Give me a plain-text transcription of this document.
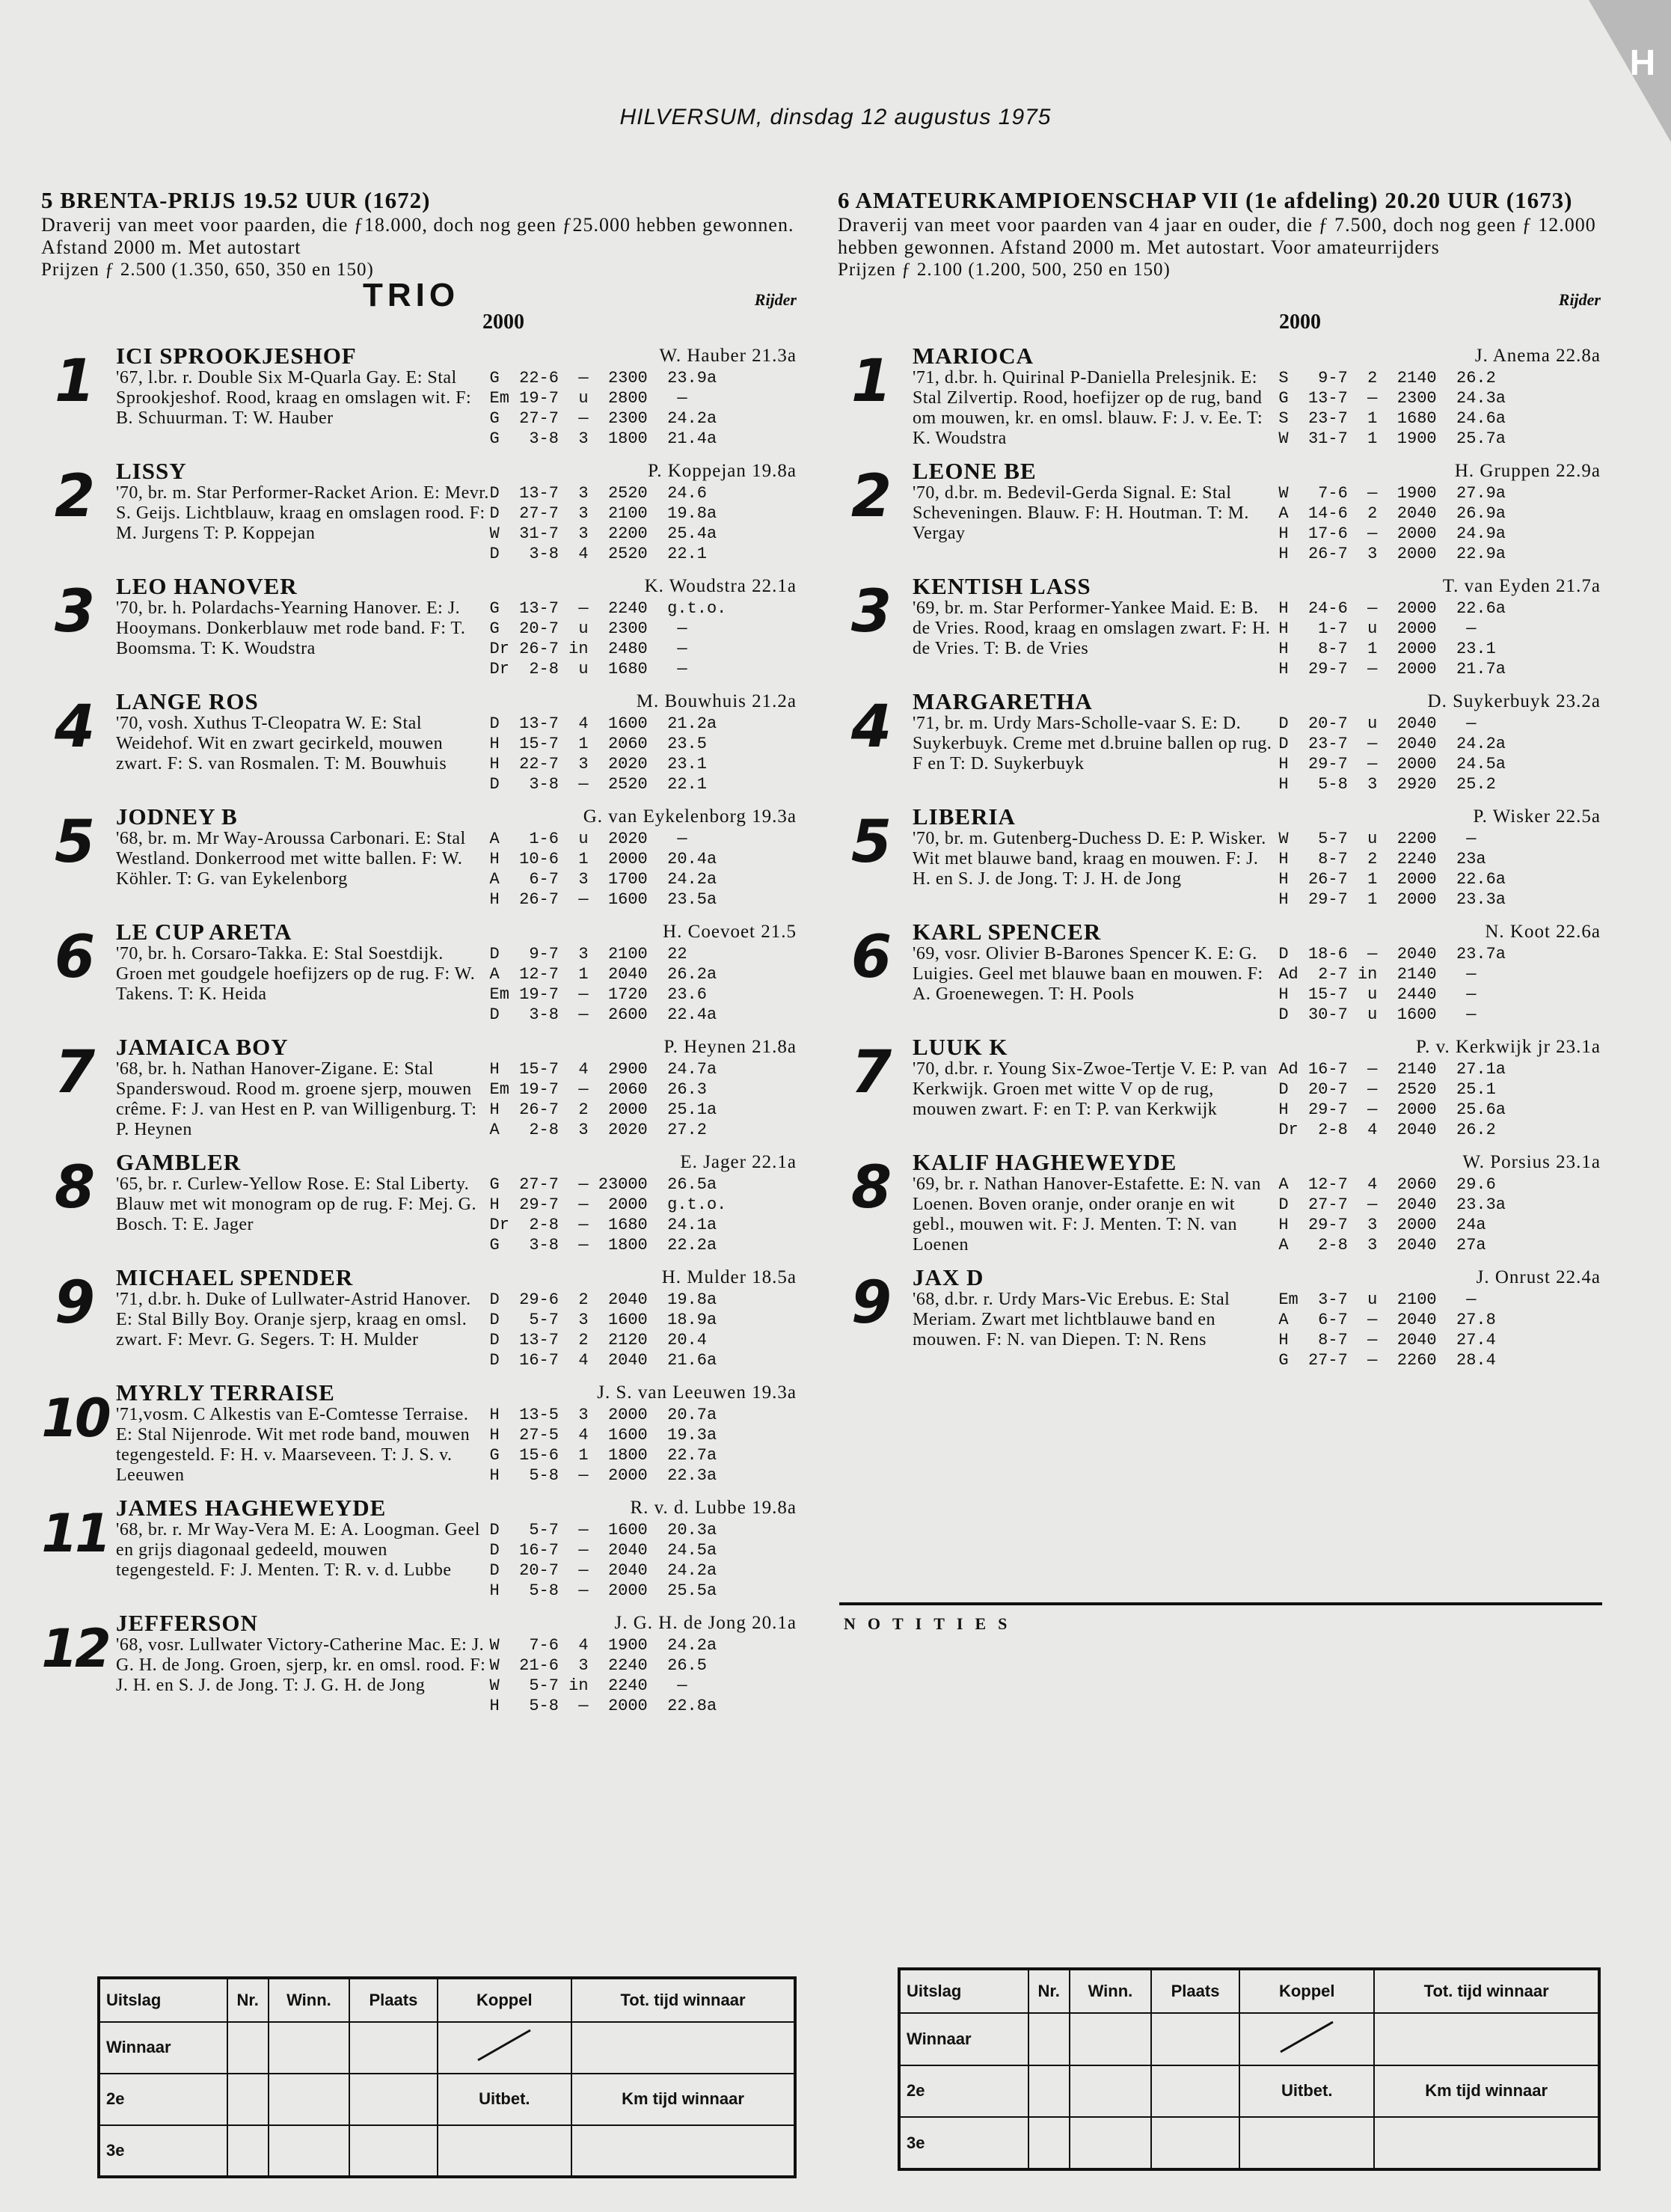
H
HILVERSUM, dinsdag 12 augustus 1975
5 BRENTA-PRIJS 19.52 UUR (1672)
Draverij van meet voor paarden, die ƒ18.000, doch nog geen ƒ25.000 hebben gewonnen. Afstand 2000 m. Met autostart
Prijzen ƒ 2.500 (1.350, 650, 350 en 150)
TRIO	Rijder
2000
1 ICI SPROOKJESHOF	W. Hauber 21.3a
'67, l.br. r. Double Six M-Quarla Gay. E: Stal Sprookjeshof. Rood, kraag en omslagen wit. F: B. Schuurman. T: W. Hauber
G  22-6  —  2300  23.9a
Em 19-7  u  2800   —
G  27-7  —  2300  24.2a
G   3-8  3  1800  21.4a
2 LISSY	P. Koppejan 19.8a
'70, br. m. Star Performer-Racket Arion. E: Mevr. S. Geijs. Lichtblauw, kraag en omslagen rood. F: M. Jurgens T: P. Koppejan
D  13-7  3  2520  24.6
D  27-7  3  2100  19.8a
W  31-7  3  2200  25.4a
D   3-8  4  2520  22.1
3 LEO HANOVER	K. Woudstra 22.1a
'70, br. h. Polardachs-Yearning Hanover. E: J. Hooymans. Donkerblauw met rode band. F: T. Boomsma. T: K. Woudstra
G  13-7  —  2240  g.t.o.
G  20-7  u  2300   —
Dr 26-7 in  2480   —
Dr  2-8  u  1680   —
4 LANGE ROS	M. Bouwhuis 21.2a
'70, vosh. Xuthus T-Cleopatra W. E: Stal Weidehof. Wit en zwart gecirkeld, mouwen zwart. F: S. van Rosmalen. T: M. Bouwhuis
D  13-7  4  1600  21.2a
H  15-7  1  2060  23.5
H  22-7  3  2020  23.1
D   3-8  —  2520  22.1
5 JODNEY B	G. van Eykelenborg 19.3a
'68, br. m. Mr Way-Aroussa Carbonari. E: Stal Westland. Donkerrood met witte ballen. F: W. Köhler. T: G. van Eykelenborg
A   1-6  u  2020   —
H  10-6  1  2000  20.4a
A   6-7  3  1700  24.2a
H  26-7  —  1600  23.5a
6 LE CUP ARETA	H. Coevoet 21.5
'70, br. h. Corsaro-Takka. E: Stal Soestdijk. Groen met goudgele hoefijzers op de rug. F: W. Takens. T: K. Heida
D   9-7  3  2100  22
A  12-7  1  2040  26.2a
Em 19-7  —  1720  23.6
D   3-8  —  2600  22.4a
7 JAMAICA BOY	P. Heynen 21.8a
'68, br. h. Nathan Hanover-Zigane. E: Stal Spanderswoud. Rood m. groene sjerp, mouwen crême. F: J. van Hest en P. van Willigenburg. T: P. Heynen
H  15-7  4  2900  24.7a
Em 19-7  —  2060  26.3
H  26-7  2  2000  25.1a
A   2-8  3  2020  27.2
8 GAMBLER	E. Jager 22.1a
'65, br. r. Curlew-Yellow Rose. E: Stal Liberty. Blauw met wit monogram op de rug. F: Mej. G. Bosch. T: E. Jager
G  27-7  — 23000  26.5a
H  29-7  —  2000  g.t.o.
Dr  2-8  —  1680  24.1a
G   3-8  —  1800  22.2a
9 MICHAEL SPENDER	H. Mulder 18.5a
'71, d.br. h. Duke of Lullwater-Astrid Hanover. E: Stal Billy Boy. Oranje sjerp, kraag en omsl. zwart. F: Mevr. G. Segers. T: H. Mulder
D  29-6  2  2040  19.8a
D   5-7  3  1600  18.9a
D  13-7  2  2120  20.4
D  16-7  4  2040  21.6a
10 MYRLY TERRAISE	J. S. van Leeuwen 19.3a
'71,vosm. C Alkestis van E-Comtesse Terraise. E: Stal Nijenrode. Wit met rode band, mouwen tegengesteld. F: H. v. Maarseveen. T: J. S. v. Leeuwen
H  13-5  3  2000  20.7a
H  27-5  4  1600  19.3a
G  15-6  1  1800  22.7a
H   5-8  —  2000  22.3a
11 JAMES HAGHEWEYDE	R. v. d. Lubbe 19.8a
'68, br. r. Mr Way-Vera M. E: A. Loogman. Geel en grijs diagonaal gedeeld, mouwen tegengesteld. F: J. Menten. T: R. v. d. Lubbe
D   5-7  —  1600  20.3a
D  16-7  —  2040  24.5a
D  20-7  —  2040  24.2a
H   5-8  —  2000  25.5a
12 JEFFERSON	J. G. H. de Jong 20.1a
'68, vosr. Lullwater Victory-Catherine Mac. E: J. G. H. de Jong. Groen, sjerp, kr. en omsl. rood. F: J. H. en S. J. de Jong. T: J. G. H. de Jong
W   7-6  4  1900  24.2a
W  21-6  3  2240  26.5
W   5-7 in  2240   —
H   5-8  —  2000  22.8a
6 AMATEURKAMPIOENSCHAP VII (1e afdeling) 20.20 UUR (1673)
Draverij van meet voor paarden van 4 jaar en ouder, die ƒ 7.500, doch nog geen ƒ 12.000 hebben gewonnen. Afstand 2000 m. Met autostart. Voor amateurrijders
Prijzen ƒ 2.100 (1.200, 500, 250 en 150)
Rijder
2000
1 MARIOCA	J. Anema 22.8a
'71, d.br. h. Quirinal P-Daniella Prelesjnik. E: Stal Zilvertip. Rood, hoefijzer op de rug, band om mouwen, kr. en omsl. blauw. F: J. v. Ee. T: K. Woudstra
S   9-7  2  2140  26.2
G  13-7  —  2300  24.3a
S  23-7  1  1680  24.6a
W  31-7  1  1900  25.7a
2 LEONE BE	H. Gruppen 22.9a
'70, d.br. m. Bedevil-Gerda Signal. E: Stal Scheveningen. Blauw. F: H. Houtman. T: M. Vergay
W   7-6  —  1900  27.9a
A  14-6  2  2040  26.9a
H  17-6  —  2000  24.9a
H  26-7  3  2000  22.9a
3 KENTISH LASS	T. van Eyden 21.7a
'69, br. m. Star Performer-Yankee Maid. E: B. de Vries. Rood, kraag en omslagen zwart. F: H. de Vries. T: B. de Vries
H  24-6  —  2000  22.6a
H   1-7  u  2000   —
H   8-7  1  2000  23.1
H  29-7  —  2000  21.7a
4 MARGARETHA	D. Suykerbuyk 23.2a
'71, br. m. Urdy Mars-Scholle-vaar S. E: D. Suykerbuyk. Creme met d.bruine ballen op rug. F en T: D. Suykerbuyk
D  20-7  u  2040   —
D  23-7  —  2040  24.2a
H  29-7  —  2000  24.5a
H   5-8  3  2920  25.2
5 LIBERIA	P. Wisker 22.5a
'70, br. m. Gutenberg-Duchess D. E: P. Wisker. Wit met blauwe band, kraag en mouwen. F: J. H. en S. J. de Jong. T: J. H. de Jong
W   5-7  u  2200   —
H   8-7  2  2240  23a
H  26-7  1  2000  22.6a
H  29-7  1  2000  23.3a
6 KARL SPENCER	N. Koot 22.6a
'69, vosr. Olivier B-Barones Spencer K. E: G. Luigies. Geel met blauwe baan en mouwen. F: A. Groenewegen. T: H. Pools
D  18-6  —  2040  23.7a
Ad  2-7 in  2140   —
H  15-7  u  2440   —
D  30-7  u  1600   —
7 LUUK K	P. v. Kerkwijk jr 23.1a
'70, d.br. r. Young Six-Zwoe-Tertje V. E: P. van Kerkwijk. Groen met witte V op de rug, mouwen zwart. F: en T: P. van Kerkwijk
Ad 16-7  —  2140  27.1a
D  20-7  —  2520  25.1
H  29-7  —  2000  25.6a
Dr  2-8  4  2040  26.2
8 KALIF HAGHEWEYDE	W. Porsius 23.1a
'69, br. r. Nathan Hanover-Estafette. E: N. van Loenen. Boven oranje, onder oranje en wit gebl., mouwen wit. F: J. Menten. T: N. van Loenen
A  12-7  4  2060  29.6
D  27-7  —  2040  23.3a
H  29-7  3  2000  24a
A   2-8  3  2040  27a
9 JAX D	J. Onrust 22.4a
'68, d.br. r. Urdy Mars-Vic Erebus. E: Stal Meriam. Zwart met lichtblauwe band en mouwen. F: N. van Diepen. T: N. Rens
Em  3-7  u  2100   —
A   6-7  —  2040  27.8
H   8-7  —  2040  27.4
G  27-7  —  2260  28.4
NOTITIES
Uitslag	Nr.	Winn.	Plaats	Koppel	Tot. tijd winnaar
Winnaar					
2e				Uitbet.	Km tijd winnaar
3e					
Uitslag	Nr.	Winn.	Plaats	Koppel	Tot. tijd winnaar
Winnaar					
2e				Uitbet.	Km tijd winnaar
3e					
